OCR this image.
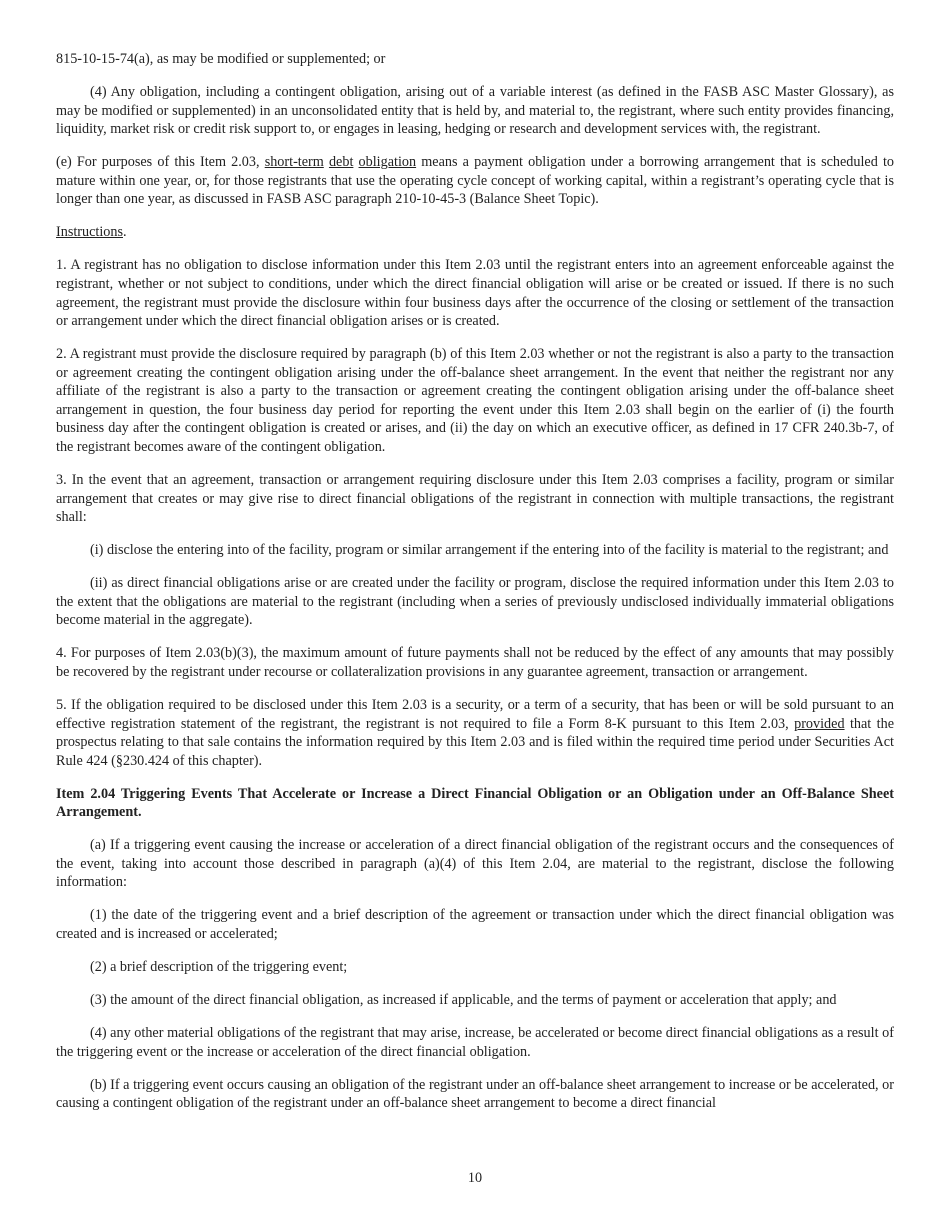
815-10-15-74(a), as may be modified or supplemented; or

(4) Any obligation, including a contingent obligation, arising out of a variable interest (as defined in the FASB ASC Master Glossary), as may be modified or supplemented) in an unconsolidated entity that is held by, and material to, the registrant, where such entity provides financing, liquidity, market risk or credit risk support to, or engages in leasing, hedging or research and development services with, the registrant.

(e) For purposes of this Item 2.03, short-term debt obligation means a payment obligation under a borrowing arrangement that is scheduled to mature within one year, or, for those registrants that use the operating cycle concept of working capital, within a registrant’s operating cycle that is longer than one year, as discussed in FASB ASC paragraph 210-10-45-3 (Balance Sheet Topic).

Instructions.

1. A registrant has no obligation to disclose information under this Item 2.03 until the registrant enters into an agreement enforceable against the registrant, whether or not subject to conditions, under which the direct financial obligation will arise or be created or issued. If there is no such agreement, the registrant must provide the disclosure within four business days after the occurrence of the closing or settlement of the transaction or arrangement under which the direct financial obligation arises or is created.

2. A registrant must provide the disclosure required by paragraph (b) of this Item 2.03 whether or not the registrant is also a party to the transaction or agreement creating the contingent obligation arising under the off-balance sheet arrangement. In the event that neither the registrant nor any affiliate of the registrant is also a party to the transaction or agreement creating the contingent obligation arising under the off-balance sheet arrangement in question, the four business day period for reporting the event under this Item 2.03 shall begin on the earlier of (i) the fourth business day after the contingent obligation is created or arises, and (ii) the day on which an executive officer, as defined in 17 CFR 240.3b-7, of the registrant becomes aware of the contingent obligation.

3. In the event that an agreement, transaction or arrangement requiring disclosure under this Item 2.03 comprises a facility, program or similar arrangement that creates or may give rise to direct financial obligations of the registrant in connection with multiple transactions, the registrant shall:

(i) disclose the entering into of the facility, program or similar arrangement if the entering into of the facility is material to the registrant; and

(ii) as direct financial obligations arise or are created under the facility or program, disclose the required information under this Item 2.03 to the extent that the obligations are material to the registrant (including when a series of previously undisclosed individually immaterial obligations become material in the aggregate).

4. For purposes of Item 2.03(b)(3), the maximum amount of future payments shall not be reduced by the effect of any amounts that may possibly be recovered by the registrant under recourse or collateralization provisions in any guarantee agreement, transaction or arrangement.

5. If the obligation required to be disclosed under this Item 2.03 is a security, or a term of a security, that has been or will be sold pursuant to an effective registration statement of the registrant, the registrant is not required to file a Form 8-K pursuant to this Item 2.03, provided that the prospectus relating to that sale contains the information required by this Item 2.03 and is filed within the required time period under Securities Act Rule 424 (§230.424 of this chapter).

Item 2.04 Triggering Events That Accelerate or Increase a Direct Financial Obligation or an Obligation under an Off-Balance Sheet Arrangement.

(a) If a triggering event causing the increase or acceleration of a direct financial obligation of the registrant occurs and the consequences of the event, taking into account those described in paragraph (a)(4) of this Item 2.04, are material to the registrant, disclose the following information:

(1) the date of the triggering event and a brief description of the agreement or transaction under which the direct financial obligation was created and is increased or accelerated;

(2) a brief description of the triggering event;

(3) the amount of the direct financial obligation, as increased if applicable, and the terms of payment or acceleration that apply; and

(4) any other material obligations of the registrant that may arise, increase, be accelerated or become direct financial obligations as a result of the triggering event or the increase or acceleration of the direct financial obligation.

(b) If a triggering event occurs causing an obligation of the registrant under an off-balance sheet arrangement to increase or be accelerated, or causing a contingent obligation of the registrant under an off-balance sheet arrangement to become a direct financial

10
